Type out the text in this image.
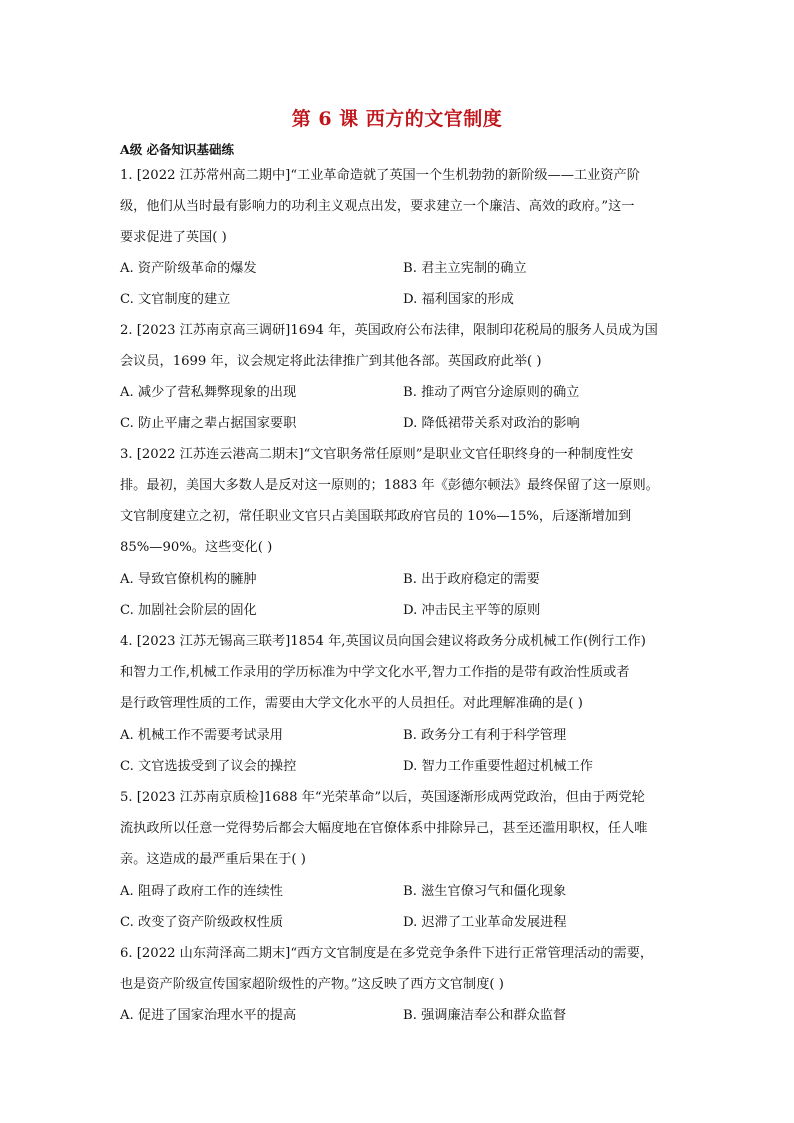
第 6 课 西方的文官制度
A级 必备知识基础练
1. [2022 江苏常州高二期中]“工业革命造就了英国一个生机勃勃的新阶级——工业资产阶
级，他们从当时最有影响力的功利主义观点出发，要求建立一个廉洁、高效的政府。”这一
要求促进了英国( )
A. 资产阶级革命的爆发	B. 君主立宪制的确立
C. 文官制度的建立	D. 福利国家的形成
2. [2023 江苏南京高三调研]1694 年，英国政府公布法律，限制印花税局的服务人员成为国
会议员，1699 年，议会规定将此法律推广到其他各部。英国政府此举( )
A. 减少了营私舞弊现象的出现	B. 推动了两官分途原则的确立
C. 防止平庸之辈占据国家要职	D. 降低裙带关系对政治的影响
3. [2022 江苏连云港高二期末]“文官职务常任原则”是职业文官任职终身的一种制度性安
排。最初，美国大多数人是反对这一原则的；1883 年《彭德尔顿法》最终保留了这一原则。
文官制度建立之初，常任职业文官只占美国联邦政府官员的 10%—15%，后逐渐增加到
85%—90%。这些变化( )
A. 导致官僚机构的臃肿	B. 出于政府稳定的需要
C. 加剧社会阶层的固化	D. 冲击民主平等的原则
4. [2023 江苏无锡高三联考]1854 年,英国议员向国会建议将政务分成机械工作(例行工作)
和智力工作,机械工作录用的学历标准为中学文化水平,智力工作指的是带有政治性质或者
是行政管理性质的工作，需要由大学文化水平的人员担任。对此理解准确的是( )
A. 机械工作不需要考试录用	B. 政务分工有利于科学管理
C. 文官选拔受到了议会的操控	D. 智力工作重要性超过机械工作
5. [2023 江苏南京质检]1688 年“光荣革命”以后，英国逐渐形成两党政治，但由于两党轮
流执政所以任意一党得势后都会大幅度地在官僚体系中排除异己，甚至还滥用职权，任人唯
亲。这造成的最严重后果在于( )
A. 阻碍了政府工作的连续性	B. 滋生官僚习气和僵化现象
C. 改变了资产阶级政权性质	D. 迟滞了工业革命发展进程
6. [2022 山东菏泽高二期末]“西方文官制度是在多党竞争条件下进行正常管理活动的需要，
也是资产阶级宣传国家超阶级性的产物。”这反映了西方文官制度( )
A. 促进了国家治理水平的提高	B. 强调廉洁奉公和群众监督
